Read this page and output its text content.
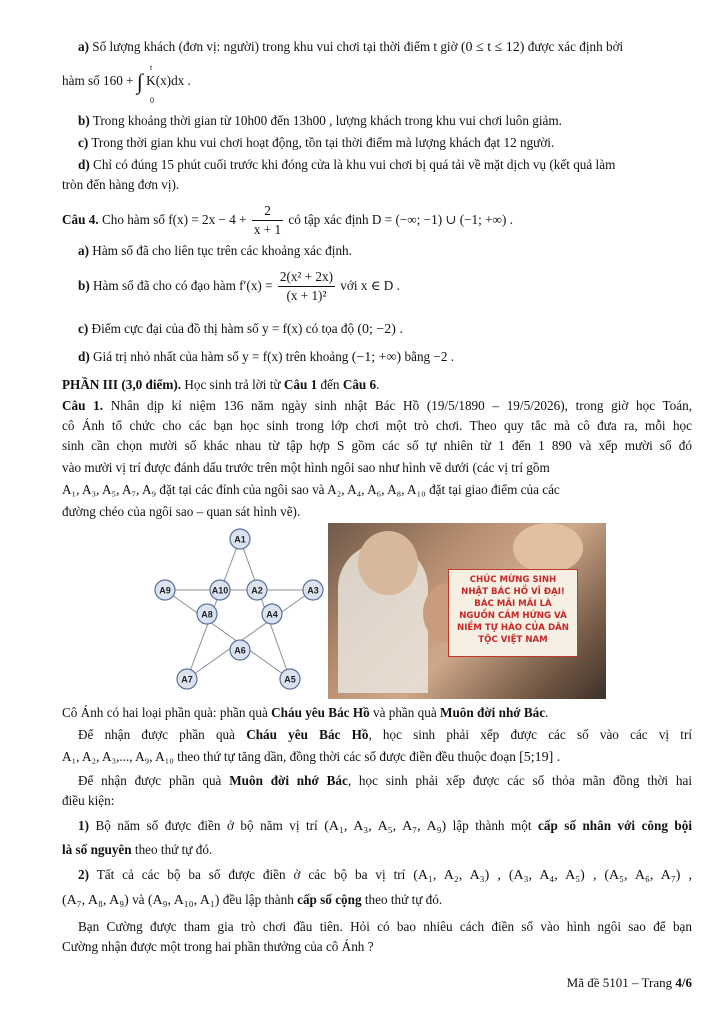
a) Số lượng khách (đơn vị: người) trong khu vui chơi tại thời điểm t giờ (0 ≤ t ≤ 12) được xác định bởi
hàm số 160 + ∫ K(x)dx .
t
0
b) Trong khoảng thời gian từ 10h00 đến 13h00 , lượng khách trong khu vui chơi luôn giảm.
c) Trong thời gian khu vui chơi hoạt động, tồn tại thời điểm mà lượng khách đạt 12 người.
d) Chỉ có đúng 15 phút cuối trước khi đóng cửa là khu vui chơi bị quá tải về mặt dịch vụ (kết quả làm
tròn đến hàng đơn vị).
Câu 4. Cho hàm số $f(x) = 2x - 4 + \frac{2}{x + 1}$ có tập xác định D = (−∞; −1) ∪ (−1; +∞) .
a) Hàm số đã cho liên tục trên các khoảng xác định.
b) Hàm số đã cho có đạo hàm $f'(x) = \frac{\text{2(x² + 2x)}}{\text{(x + 1)²}}$ với x ∈ D .
c) Điểm cực đại của đồ thị hàm số y = f(x) có tọa độ (0; −2) .
d) Giá trị nhỏ nhất của hàm số y = f(x) trên khoảng (−1; +∞) bằng −2 .
PHẦN III (3,0 điểm). Học sinh trả lời từ Câu 1 đến Câu 6.
Câu 1. Nhân dịp kỉ niệm 136 năm ngày sinh nhật Bác Hồ (19/5/1890 – 19/5/2026), trong giờ học Toán,
cô Ánh tổ chức cho các bạn học sinh trong lớp chơi một trò chơi. Theo quy tắc mà cô đưa ra, mỗi học
sinh cần chọn mười số khác nhau từ tập hợp S gồm các số tự nhiên từ 1 đến 1 890 và xếp mười số đó
vào mười vị trí được đánh dấu trước trên một hình ngôi sao như hình vẽ dưới (các vị trí gồm
A₁, A₃, A₅, A₇, A₉ đặt tại các đỉnh của ngôi sao và A₂, A₄, A₆, A₈, A₁₀ đặt tại giao điểm của các
đường chéo của ngôi sao – quan sát hình vẽ).
A1
A2	A3
A4
A5
A6
A7
A8
A9	A10
CHÚC MỪNG SINH NHẬT BÁC HỒ VĨ ĐẠI! BÁC MÃI MÃI LÀ NGUỒN CẢM HỨNG VÀ NIỀM TỰ HÀO CỦA DÂN TỘC VIỆT NAM
Cô Ánh có hai loại phần quà: phần quà Cháu yêu Bác Hồ và phần quà Muôn đời nhớ Bác.
Để nhận được phần quà Cháu yêu Bác Hồ, học sinh phải xếp được các số vào các vị trí
A₁, A₂, A₃,..., A₉, A₁₀ theo thứ tự tăng dần, đồng thời các số được điền đều thuộc đoạn [5;19] .
Để nhận được phần quà Muôn đời nhớ Bác, học sinh phải xếp được các số thỏa mãn đồng thời hai
điều kiện:
1) Bộ năm số được điền ở bộ năm vị trí (A₁, A₃, A₅, A₇, A₉) lập thành một cấp số nhân với công bội
là số nguyên theo thứ tự đó.
2) Tất cả các bộ ba số được điền ở các bộ ba vị trí (A₁, A₂, A₃) , (A₃, A₄, A₅) , (A₅, A₆, A₇) ,
(A₇, A₈, A₉) và (A₉, A₁₀, A₁) đều lập thành cấp số cộng theo thứ tự đó.
Bạn Cường được tham gia trò chơi đầu tiên. Hỏi có bao nhiêu cách điền số vào hình ngôi sao để bạn
Cường nhận được một trong hai phần thưởng của cô Ánh ?
Mã đề 5101 – Trang 4/6
